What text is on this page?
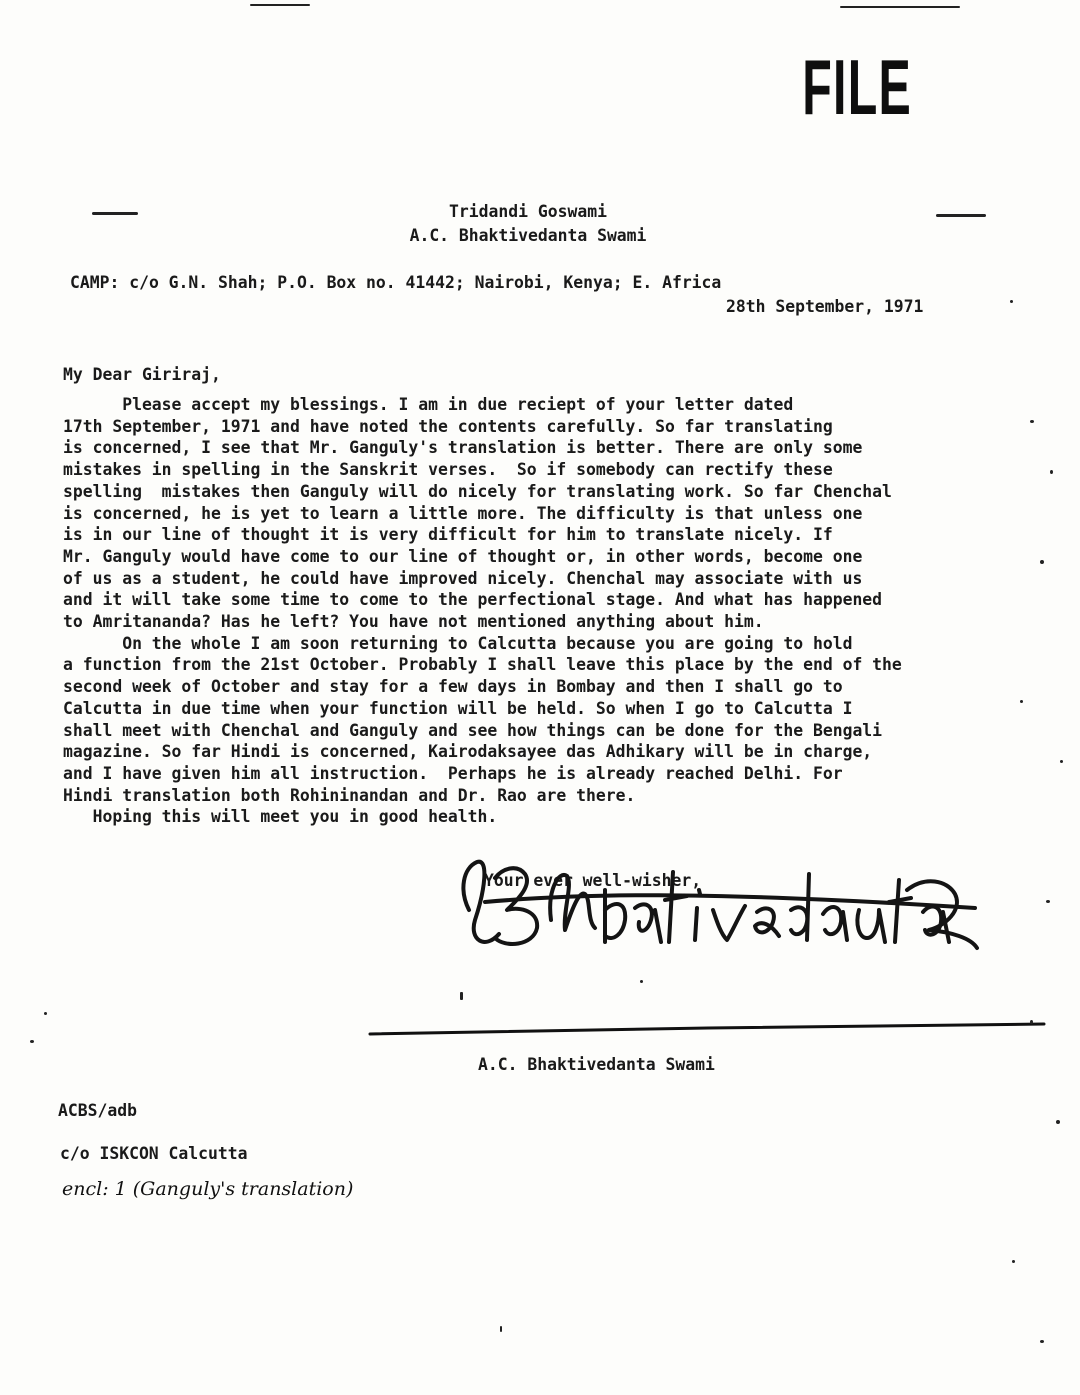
FILE
Tridandi Goswami
A.C. Bhaktivedanta Swami
CAMP: c/o G.N. Shah; P.O. Box no. 41442; Nairobi, Kenya; E. Africa
28th September, 1971
My Dear Giriraj,
Please accept my blessings. I am in due reciept of your letter dated
17th September, 1971 and have noted the contents carefully. So far translating
is concerned, I see that Mr. Ganguly's translation is better. There are only some
mistakes in spelling in the Sanskrit verses.  So if somebody can rectify these
spelling  mistakes then Ganguly will do nicely for translating work. So far Chenchal
is concerned, he is yet to learn a little more. The difficulty is that unless one
is in our line of thought it is very difficult for him to translate nicely. If
Mr. Ganguly would have come to our line of thought or, in other words, become one
of us as a student, he could have improved nicely. Chenchal may associate with us
and it will take some time to come to the perfectional stage. And what has happened
to Amritananda? Has he left? You have not mentioned anything about him.
On the whole I am soon returning to Calcutta because you are going to hold
a function from the 21st October. Probably I shall leave this place by the end of the
second week of October and stay for a few days in Bombay and then I shall go to
Calcutta in due time when your function will be held. So when I go to Calcutta I
shall meet with Chenchal and Ganguly and see how things can be done for the Bengali
magazine. So far Hindi is concerned, Kairodaksayee das Adhikary will be in charge,
and I have given him all instruction.  Perhaps he is already reached Delhi. For
Hindi translation both Rohininandan and Dr. Rao are there.
Hoping this will meet you in good health.
Your ever well-wisher,
A.C. Bhaktivedanta Swami
ACBS/adb
c/o ISKCON Calcutta
encl: 1 (Ganguly's translation)
